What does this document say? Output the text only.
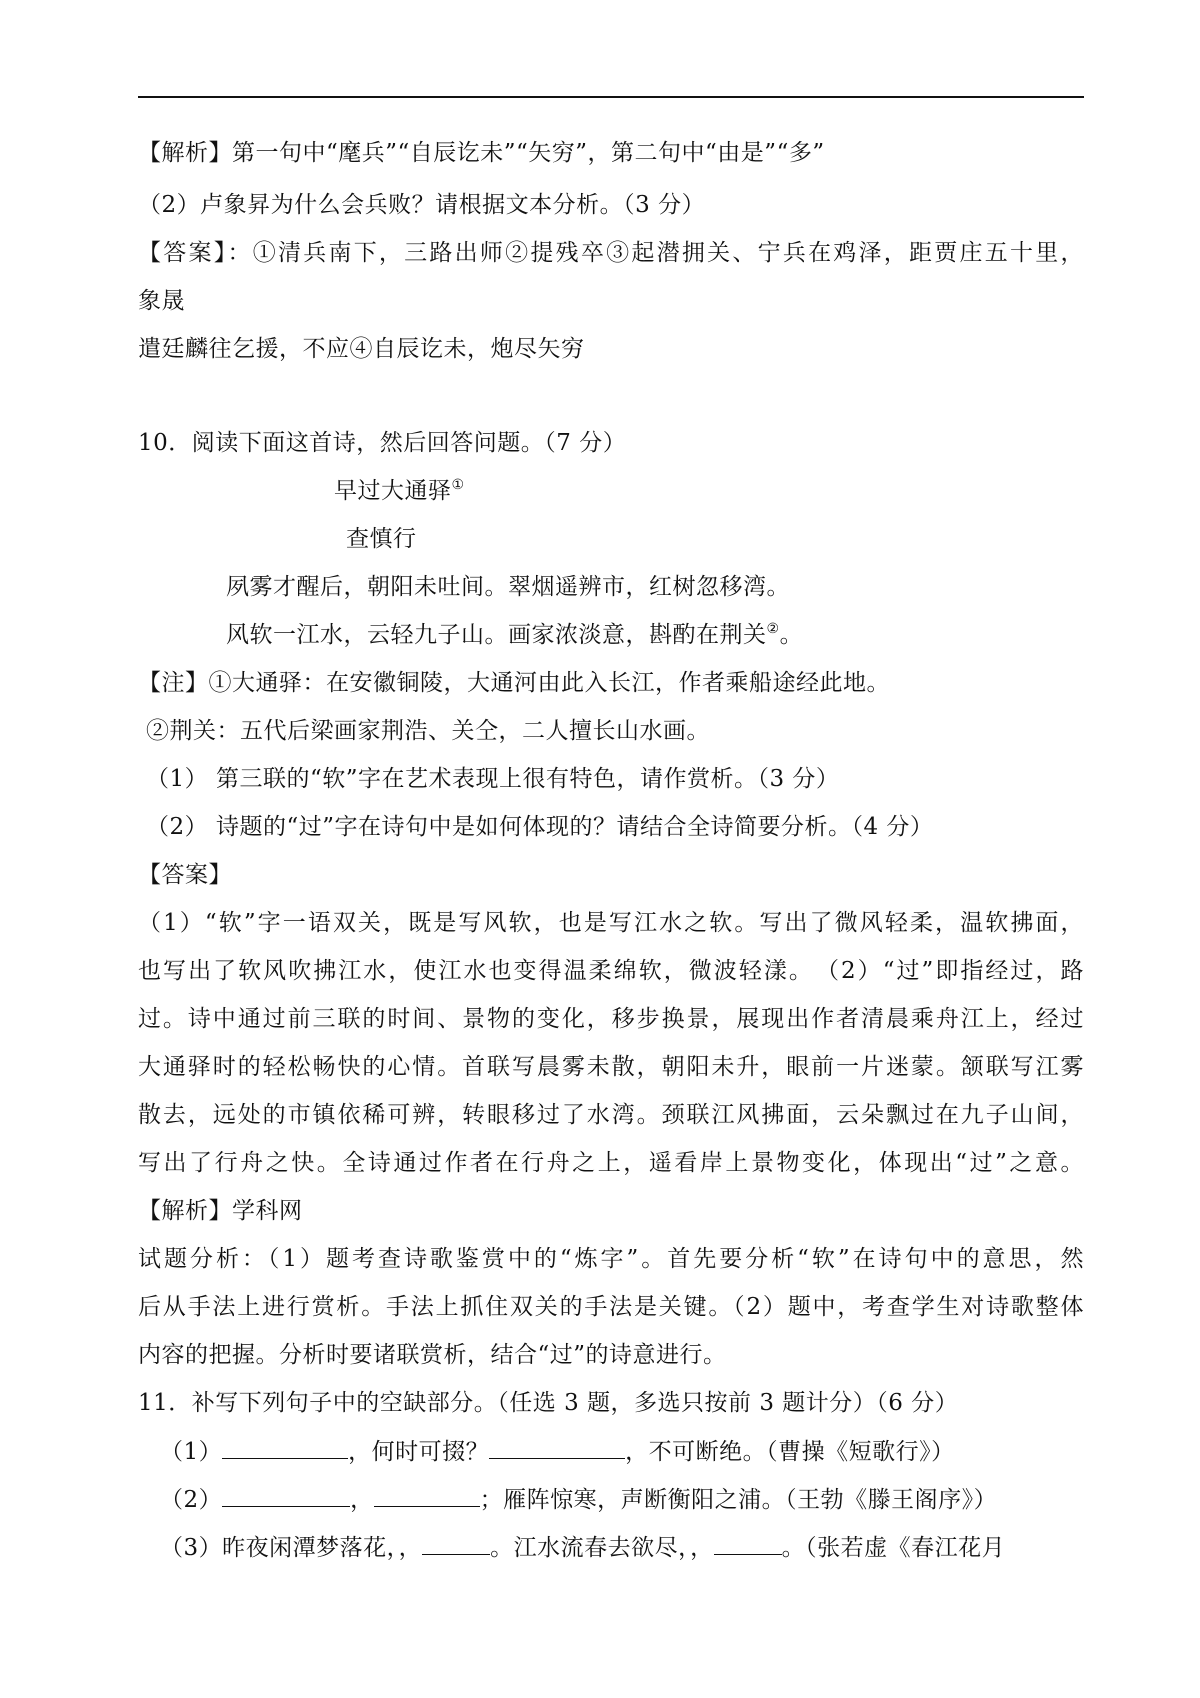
【解析】第一句中“麾兵”“自辰讫未”“矢穷”，第二句中“由是”“多”
（2）卢象昇为什么会兵败？请根据文本分析。（3 分）
【答案】：①清兵南下，三路出师②提残卒③起潜拥关、宁兵在鸡泽，距贾庄五十里，
象晟
遣廷麟往乞援，不应④自辰讫未，炮尽矢穷
10．阅读下面这首诗，然后回答问题。（7 分）
早过大通驿①
查慎行
夙雾才醒后，朝阳未吐间。翠烟遥辨市，红树忽移湾。
风软一江水，云轻九子山。画家浓淡意，斟酌在荆关②。
【注】①大通驿：在安徽铜陵，大通河由此入长江，作者乘船途经此地。
②荆关：五代后梁画家荆浩、关仝，二人擅长山水画。
（1） 第三联的“软”字在艺术表现上很有特色，请作赏析。（3 分）
（2） 诗题的“过”字在诗句中是如何体现的？请结合全诗简要分析。（4 分）
【答案】
（1）“软”字一语双关，既是写风软，也是写江水之软。写出了微风轻柔，温软拂面，
也写出了软风吹拂江水，使江水也变得温柔绵软，微波轻漾。　（2）“过”即指经过，路
过。诗中通过前三联的时间、景物的变化，移步换景，展现出作者清晨乘舟江上，经过
大通驿时的轻松畅快的心情。首联写晨雾未散，朝阳未升，眼前一片迷蒙。颔联写江雾
散去，远处的市镇依稀可辨，转眼移过了水湾。颈联江风拂面，云朵飘过在九子山间，
写出了行舟之快。全诗通过作者在行舟之上，遥看岸上景物变化，体现出“过”之意。
【解析】学科网
试题分析：（1）题考查诗歌鉴赏中的“炼字”。首先要分析“软”在诗句中的意思，然
后从手法上进行赏析。手法上抓住双关的手法是关键。（2）题中，考查学生对诗歌整体
内容的把握。分析时要诸联赏析，结合“过”的诗意进行。
11．补写下列句子中的空缺部分。（任选 3 题，多选只按前 3 题计分）（6 分）
（1）	，何时可掇？	，不可断绝。（曹操《短歌行》）
（2）	，	；雁阵惊寒，声断衡阳之浦。（王勃《滕王阁序》）
（3）昨夜闲潭梦落花，，	。江水流春去欲尽，，	。（张若虚《春江花月
